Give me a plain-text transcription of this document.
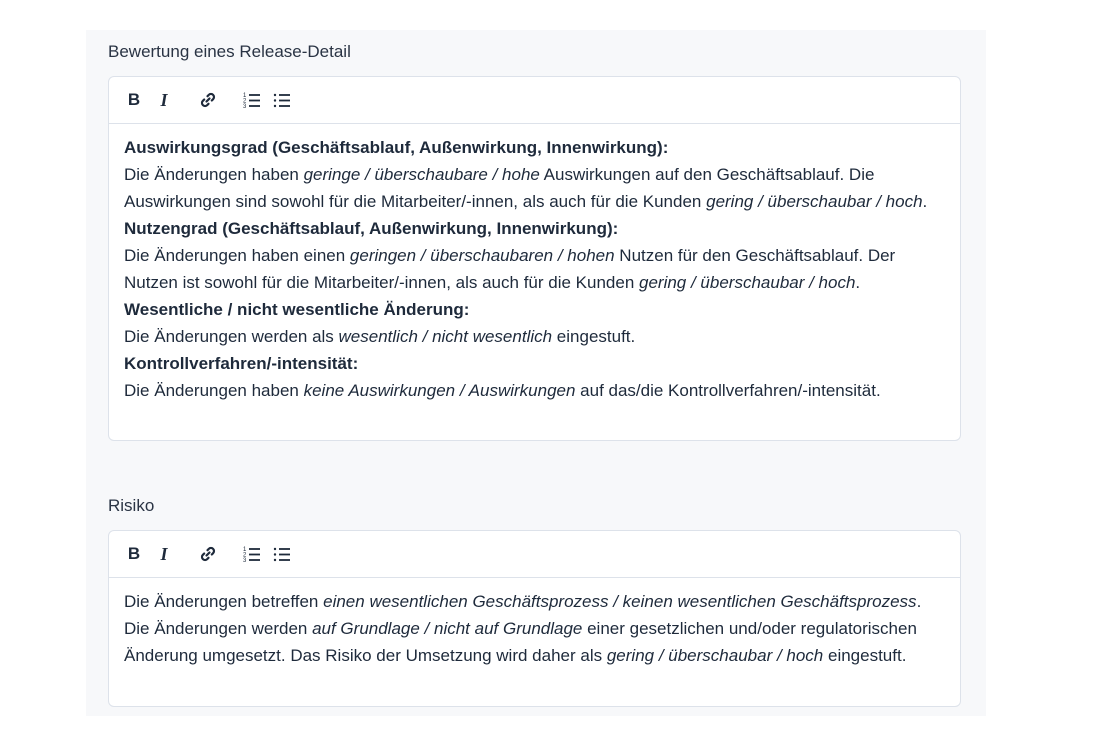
Bewertung eines Release-Detail
B	I	1
2
3

Auswirkungsgrad (Geschäftsablauf, Außenwirkung, Innenwirkung):

Die Änderungen haben geringe / überschaubare / hohe Auswirkungen auf den Geschäftsablauf. Die Auswirkungen sind sowohl für die Mitarbeiter/-innen, als auch für die Kunden gering / überschaubar / hoch.

Nutzengrad (Geschäftsablauf, Außenwirkung, Innenwirkung):

Die Änderungen haben einen geringen / überschaubaren / hohen Nutzen für den Geschäftsablauf. Der Nutzen ist sowohl für die Mitarbeiter/-innen, als auch für die Kunden gering / überschaubar / hoch.

Wesentliche / nicht wesentliche Änderung:

Die Änderungen werden als wesentlich / nicht wesentlich eingestuft.

Kontrollverfahren/-intensität:

Die Änderungen haben keine Auswirkungen / Auswirkungen auf das/die Kontrollverfahren/-intensität.

Risiko
B	I	1
2
3

Die Änderungen betreffen einen wesentlichen Geschäftsprozess / keinen wesentlichen Geschäftsprozess. Die Änderungen werden auf Grundlage / nicht auf Grundlage einer gesetzlichen und/oder regulatorischen Änderung umgesetzt. Das Risiko der Umsetzung wird daher als gering / überschaubar / hoch eingestuft.
